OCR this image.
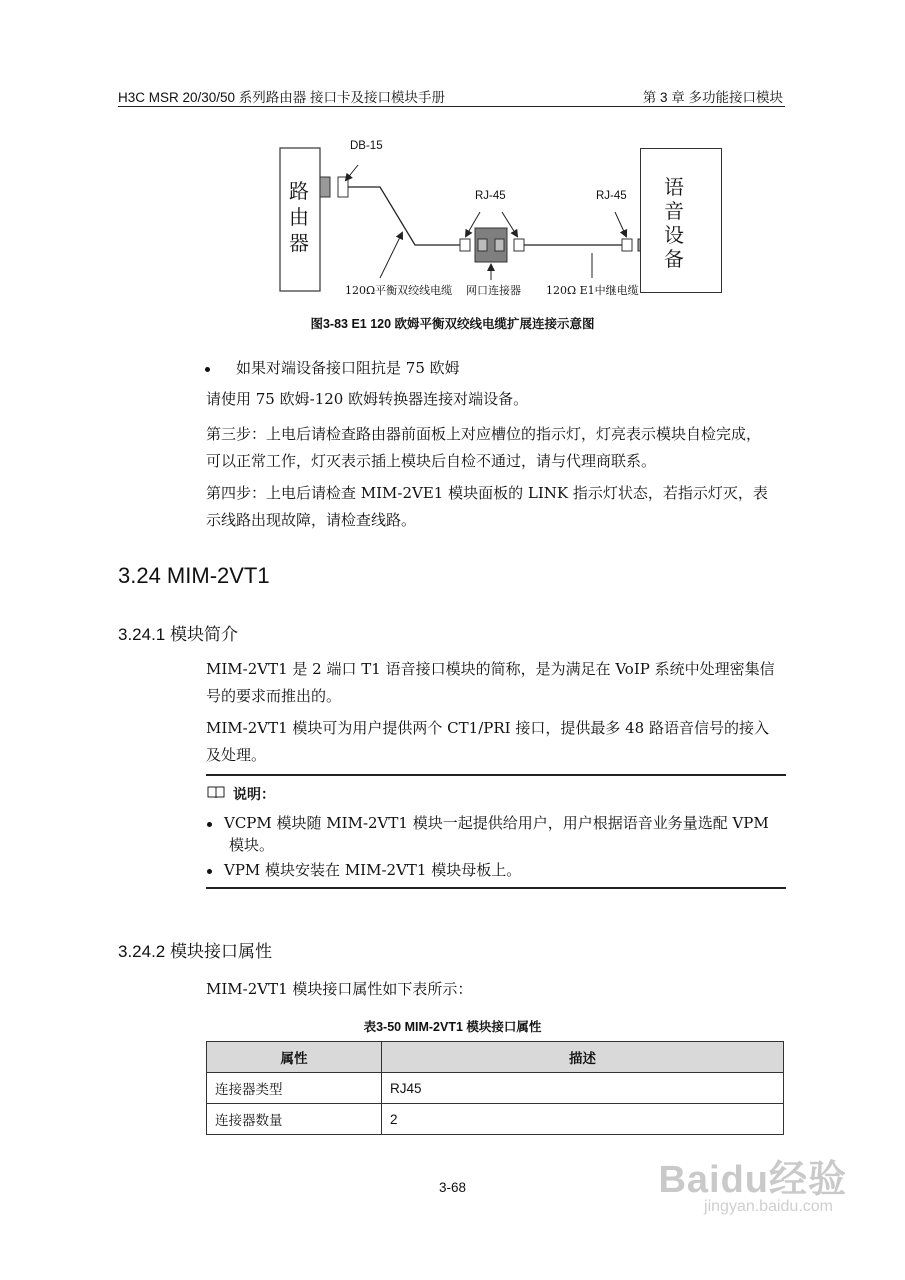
H3C MSR 20/30/50 系列路由器 接口卡及接口模块手册	第 3 章 多功能接口模块
路由器
语音设备
DB-15
RJ-45	RJ-45
120Ω平衡双绞线电缆 网口连接器 120Ω E1中继电缆
图3-83 E1 120 欧姆平衡双绞线电缆扩展连接示意图
如果对端设备接口阻抗是 75 欧姆
请使用 75 欧姆-120 欧姆转换器连接对端设备。
第三步：上电后请检查路由器前面板上对应槽位的指示灯，灯亮表示模块自检完成，
可以正常工作，灯灭表示插上模块后自检不通过，请与代理商联系。
第四步：上电后请检查 MIM-2VE1 模块面板的 LINK 指示灯状态，若指示灯灭，表
示线路出现故障，请检查线路。
3.24 MIM-2VT1
3.24.1 模块简介
MIM-2VT1 是 2 端口 T1 语音接口模块的简称，是为满足在 VoIP 系统中处理密集信
号的要求而推出的。
MIM-2VT1 模块可为用户提供两个 CT1/PRI 接口，提供最多 48 路语音信号的接入
及处理。
说明：
VCPM 模块随 MIM-2VT1 模块一起提供给用户，用户根据语音业务量选配 VPM
模块。
VPM 模块安装在 MIM-2VT1 模块母板上。
3.24.2 模块接口属性
MIM-2VT1 模块接口属性如下表所示：
表3-50 MIM-2VT1 模块接口属性
属性	描述
连接器类型	RJ45
连接器数量	2
3-68	Baidu经验
jingyan.baidu.com
